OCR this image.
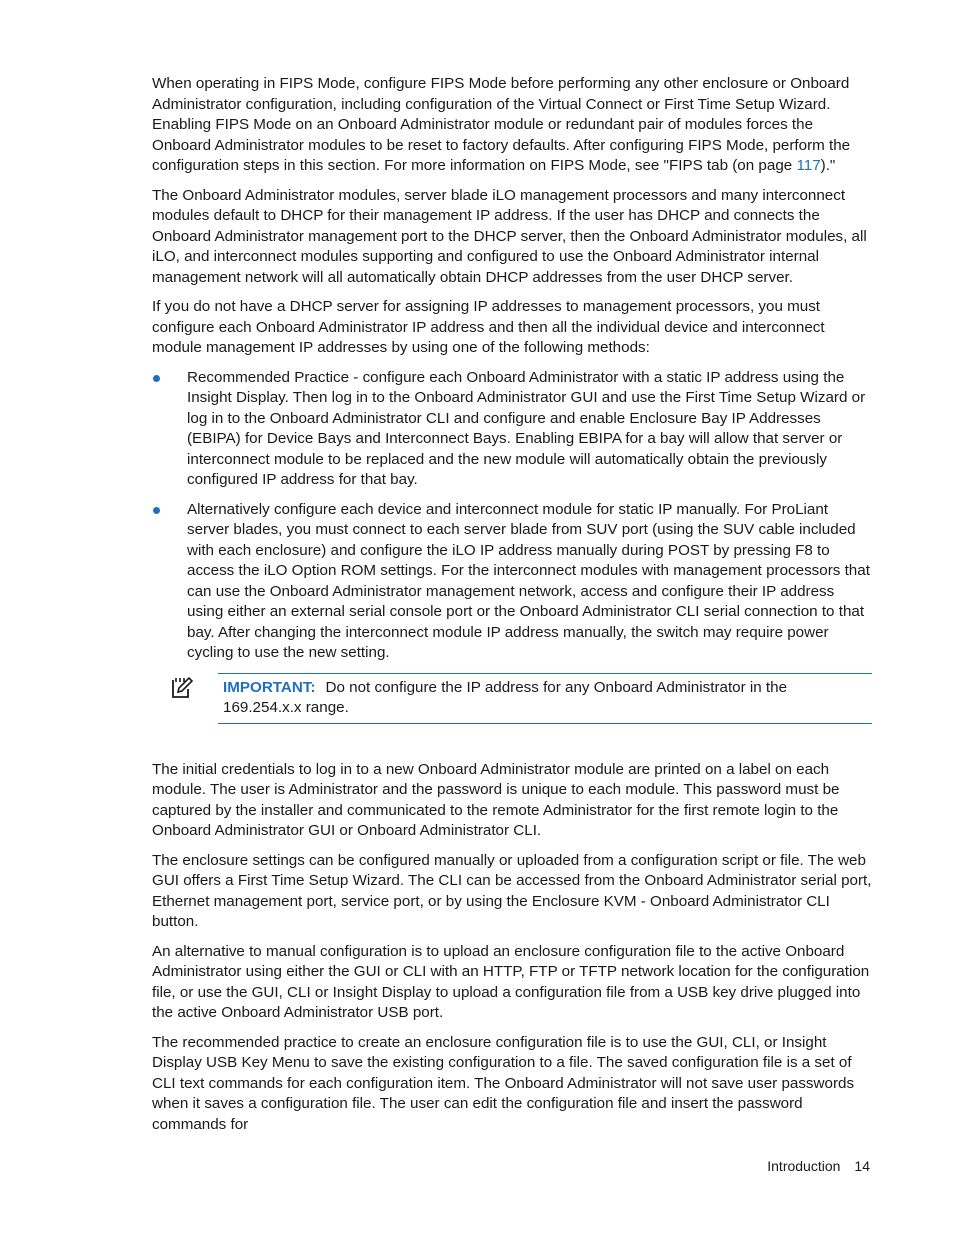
When operating in FIPS Mode, configure FIPS Mode before performing any other enclosure or Onboard Administrator configuration, including configuration of the Virtual Connect or First Time Setup Wizard. Enabling FIPS Mode on an Onboard Administrator module or redundant pair of modules forces the Onboard Administrator modules to be reset to factory defaults. After configuring FIPS Mode, perform the configuration steps in this section. For more information on FIPS Mode, see "FIPS tab (on page 117)."

The Onboard Administrator modules, server blade iLO management processors and many interconnect modules default to DHCP for their management IP address. If the user has DHCP and connects the Onboard Administrator management port to the DHCP server, then the Onboard Administrator modules, all iLO, and interconnect modules supporting and configured to use the Onboard Administrator internal management network will all automatically obtain DHCP addresses from the user DHCP server.

If you do not have a DHCP server for assigning IP addresses to management processors, you must configure each Onboard Administrator IP address and then all the individual device and interconnect module management IP addresses by using one of the following methods:

Recommended Practice - configure each Onboard Administrator with a static IP address using the Insight Display. Then log in to the Onboard Administrator GUI and use the First Time Setup Wizard or log in to the Onboard Administrator CLI and configure and enable Enclosure Bay IP Addresses (EBIPA) for Device Bays and Interconnect Bays. Enabling EBIPA for a bay will allow that server or interconnect module to be replaced and the new module will automatically obtain the previously configured IP address for that bay.
Alternatively configure each device and interconnect module for static IP manually. For ProLiant server blades, you must connect to each server blade from SUV port (using the SUV cable included with each enclosure) and configure the iLO IP address manually during POST by pressing F8 to access the iLO Option ROM settings. For the interconnect modules with management processors that can use the Onboard Administrator management network, access and configure their IP address using either an external serial console port or the Onboard Administrator CLI serial connection to that bay. After changing the interconnect module IP address manually, the switch may require power cycling to use the new setting.
IMPORTANT: Do not configure the IP address for any Onboard Administrator in the 169.254.x.x range.

The initial credentials to log in to a new Onboard Administrator module are printed on a label on each module. The user is Administrator and the password is unique to each module. This password must be captured by the installer and communicated to the remote Administrator for the first remote login to the Onboard Administrator GUI or Onboard Administrator CLI.

The enclosure settings can be configured manually or uploaded from a configuration script or file. The web GUI offers a First Time Setup Wizard. The CLI can be accessed from the Onboard Administrator serial port, Ethernet management port, service port, or by using the Enclosure KVM - Onboard Administrator CLI button.

An alternative to manual configuration is to upload an enclosure configuration file to the active Onboard Administrator using either the GUI or CLI with an HTTP, FTP or TFTP network location for the configuration file, or use the GUI, CLI or Insight Display to upload a configuration file from a USB key drive plugged into the active Onboard Administrator USB port.

The recommended practice to create an enclosure configuration file is to use the GUI, CLI, or Insight Display USB Key Menu to save the existing configuration to a file. The saved configuration file is a set of CLI text commands for each configuration item. The Onboard Administrator will not save user passwords when it saves a configuration file. The user can edit the configuration file and insert the password commands for

Introduction 14
